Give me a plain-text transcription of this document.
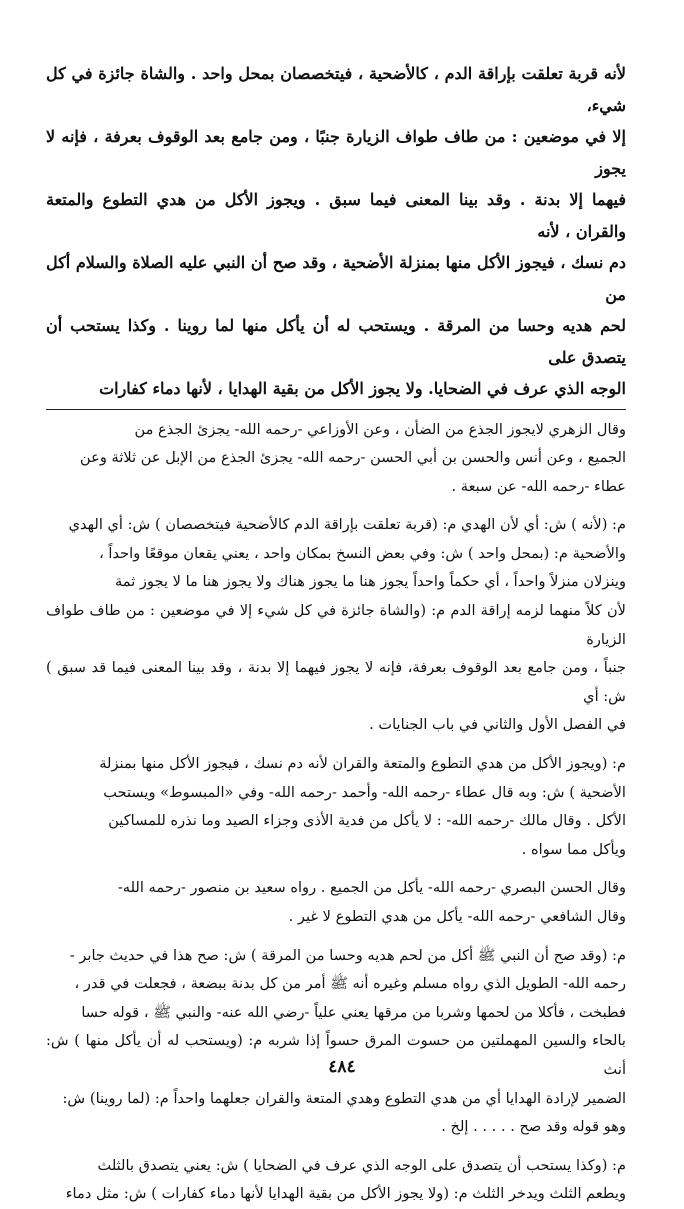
لأنه قربة تعلقت بإراقة الدم ، كالأضحية ، فيتخصصان بمحل واحد . والشاة جائزة في كل شيء،

إلا في موضعين : من طاف طواف الزيارة جنبًا ، ومن جامع بعد الوقوف بعرفة ، فإنه لا يجوز

فيهما إلا بدنة . وقد بينا المعنى فيما سبق . ويجوز الأكل من هدي التطوع والمتعة والقران ، لأنه

دم نسك ، فيجوز الأكل منها بمنزلة الأضحية ، وقد صح أن النبي عليه الصلاة والسلام أكل من

لحم هديه وحسا من المرقة . ويستحب له أن يأكل منها لما روينا . وكذا يستحب أن يتصدق على

الوجه الذي عرف في الضحايا. ولا يجوز الأكل من بقية الهدايا ، لأنها دماء كفارات

وقال الزهري لايجوز الجذع من الضأن ، وعن الأوزاعي -رحمه الله- يجزئ الجذع من

الجميع ، وعن أنس والحسن بن أبي الحسن -رحمه الله- يجزئ الجذع من الإبل عن ثلاثة وعن

عطاء -رحمه الله- عن سبعة .

م: (لأنه ) ش: أي لأن الهدي م: (قربة تعلقت بإراقة الدم كالأضحية فيتخصصان ) ش: أي الهدي

والأضحية م: (بمحل واحد ) ش: وفي بعض النسخ بمكان واحد ، يعني يقعان موقعًا واحداً ،

وينزلان منزلاً واحداً ، أي حكماً واحداً يجوز هنا ما يجوز هناك ولا يجوز هنا ما لا يجوز ثمة

لأن كلاً منهما لزمه إراقة الدم م: (والشاة جائزة في كل شيء إلا في موضعين : من طاف طواف الزيارة

جنباً ، ومن جامع بعد الوقوف بعرفة، فإنه لا يجوز فيهما إلا بدنة ، وقد بينا المعنى فيما قد سبق ) ش: أي

في الفصل الأول والثاني في باب الجنايات .

م: (ويجوز الأكل من هدي التطوع والمتعة والقران لأنه دم نسك ، فيجوز الأكل منها بمنزلة

الأضحية ) ش: وبه قال عطاء -رحمه الله- وأحمد -رحمه الله- وفي «المبسوط» ويستحب

الأكل . وقال مالك -رحمه الله- : لا يأكل من فدية الأذى وجزاء الصيد وما نذره للمساكين

ويأكل مما سواه .

وقال الحسن البصري -رحمه الله- يأكل من الجميع . رواه سعيد بن منصور -رحمه الله-

وقال الشافعي -رحمه الله- يأكل من هدي التطوع لا غير .

م: (وقد صح أن النبي ﷺ أكل من لحم هديه وحسا من المرقة ) ش: صح هذا في حديث جابر -

رحمه الله- الطويل الذي رواه مسلم وغيره أنه ﷺ أمر من كل بدنة ببضعة ، فجعلت في قدر ،

فطبخت ، فأكلا من لحمها وشربا من مرقها يعني علياً -رضي الله عنه- والنبي ﷺ ، قوله حسا

بالحاء والسين المهملتين من حسوت المرق حسواً إذا شربه م: (ويستحب له أن يأكل منها ) ش: أنث

الضمير لإرادة الهدايا أي من هدي التطوع وهدي المتعة والقران جعلهما واحداً م: (لما روينا) ش:

وهو قوله وقد صح . . . . . إلخ .

م: (وكذا يستحب أن يتصدق على الوجه الذي عرف في الضحايا ) ش: يعني يتصدق بالثلث

ويطعم الثلث ويدخر الثلث م: (ولا يجوز الأكل من بقية الهدايا لأنها دماء كفارات ) ش: مثل دماء

٤٨٤
